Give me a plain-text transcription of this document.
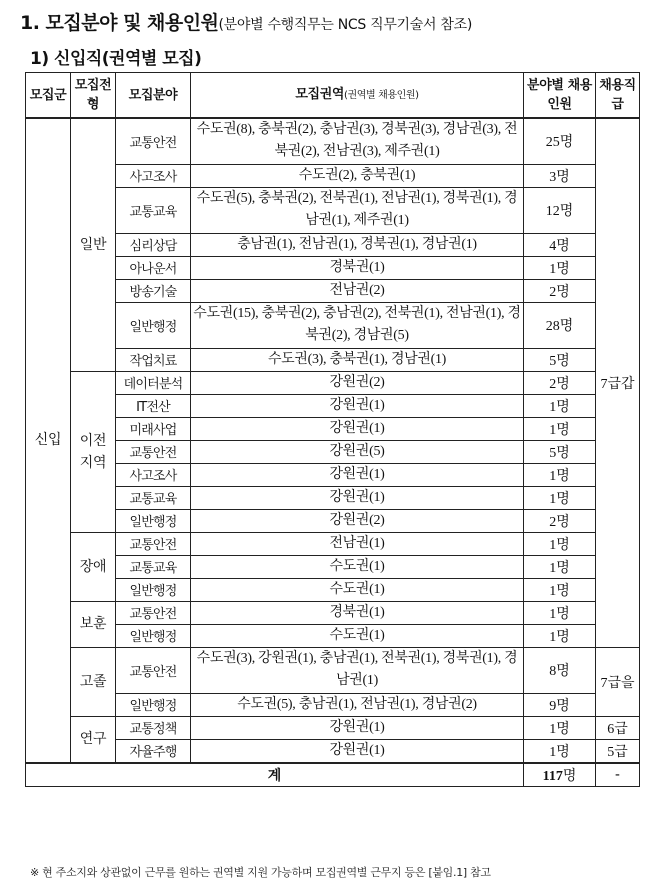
1. 모집분야 및 채용인원(분야별 수행직무는 NCS 직무기술서 참조)
1) 신입직(권역별 모집)
모집군	모집전형	모집분야	모집권역(권역별 채용인원)	분야별 채용인원	채용직급
신입	일반	교통안전	수도권(8), 충북권(2), 충남권(3), 경북권(3), 경남권(3), 전북권(2), 전남권(3), 제주권(1)	25명	7급갑
		사고조사	수도권(2), 충북권(1)	3명	
		교통교육	수도권(5), 충북권(2), 전북권(1), 전남권(1), 경북권(1), 경남권(1), 제주권(1)	12명	
		심리상담	충남권(1), 전남권(1), 경북권(1), 경남권(1)	4명	
		아나운서	경북권(1)	1명	
		방송기술	전남권(2)	2명	
		일반행정	수도권(15), 충북권(2), 충남권(2), 전북권(1), 전남권(1), 경북권(2), 경남권(5)	28명	
		작업치료	수도권(3), 충북권(1), 경남권(1)	5명	

	이전지역	데이터분석	강원권(2)	2명	
		IT전산	강원권(1)	1명	
		미래사업	강원권(1)	1명	
		교통안전	강원권(5)	5명	
		사고조사	강원권(1)	1명	
		교통교육	강원권(1)	1명	
		일반행정	강원권(2)	2명	
	장애	교통안전	전남권(1)	1명	
		교통교육	수도권(1)	1명	
		일반행정	수도권(1)	1명	
	보훈	교통안전	경북권(1)	1명	
		일반행정	수도권(1)	1명	
	고졸	교통안전	수도권(3), 강원권(1), 충남권(1), 전북권(1), 경북권(1), 경남권(1)	8명	7급을
		일반행정	수도권(5), 충남권(1), 전남권(1), 경남권(2)	9명	
	연구	교통정책	강원권(1)	1명	6급
		자율주행	강원권(1)	1명	5급
계				117명	-
※ 현 주소지와 상관없이 근무를 원하는 권역별 지원 가능하며 모집권역별 근무지 등은 [붙임.1] 참고
